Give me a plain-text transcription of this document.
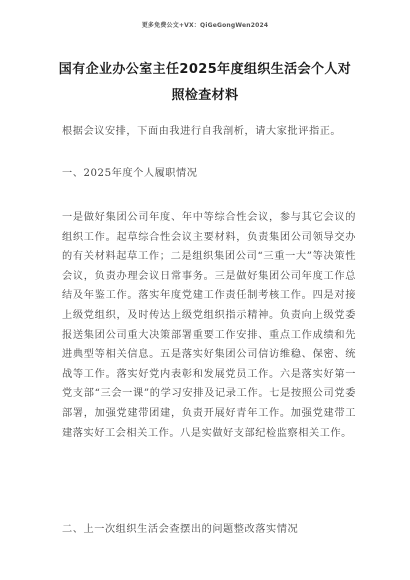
更多免费公文+VX：QiGeGongWen2024
国有企业办公室主任2025年度组织生活会个人对照检查材料
根据会议安排，下面由我进行自我剖析，请大家批评指正。
一、2025年度个人履职情况
一是做好集团公司年度、年中等综合性会议，参与其它会议的组织工作。起草综合性会议主要材料，负责集团公司领导交办的有关材料起草工作；二是组织集团公司“三重一大”等决策性会议，负责办理会议日常事务。三是做好集团公司年度工作总结及年鉴工作。落实年度党建工作责任制考核工作。四是对接上级党组织，及时传达上级党组织指示精神。负责向上级党委报送集团公司重大决策部署重要工作安排、重点工作成绩和先进典型等相关信息。五是落实好集团公司信访维稳、保密、统战等工作。落实好党内表彰和发展党员工作。六是落实好第一党支部“三会一课”的学习安排及记录工作。七是按照公司党委部署，加强党建带团建，负责开展好青年工作。加强党建带工建落实好工会相关工作。八是实做好支部纪检监察相关工作。
二、上一次组织生活会查摆出的问题整改落实情况
